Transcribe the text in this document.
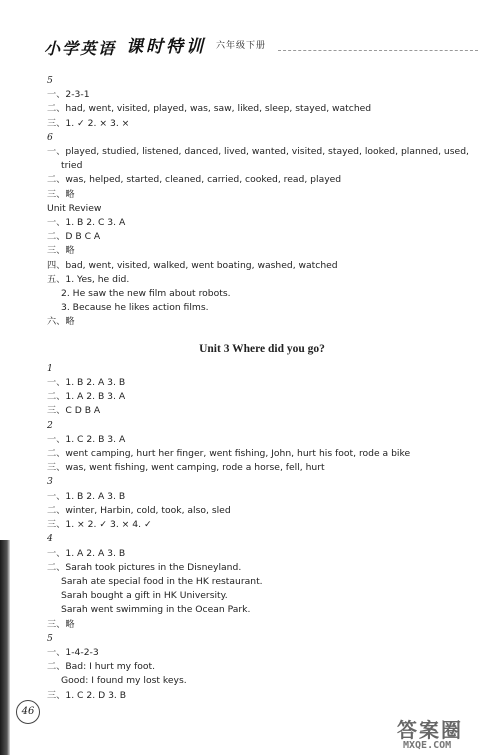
小学英语 课时特训 六年级下册
5
一、2-3-1
二、had, went, visited, played, was, saw, liked, sleep, stayed, watched
三、1. ✓ 2. × 3. ×
6
一、played, studied, listened, danced, lived, wanted, visited, stayed, looked, planned, used,
tried
二、was, helped, started, cleaned, carried, cooked, read, played
三、略
Unit Review
一、1. B 2. C 3. A
二、D B C A
三、略
四、bad, went, visited, walked, went boating, washed, watched
五、1. Yes, he did.
2. He saw the new film about robots.
3. Because he likes action films.
六、略
Unit 3 Where did you go?
1
一、1. B 2. A 3. B
二、1. A 2. B 3. A
三、C D B A
2
一、1. C 2. B 3. A
二、went camping, hurt her finger, went fishing, John, hurt his foot, rode a bike
三、was, went fishing, went camping, rode a horse, fell, hurt
3
一、1. B 2. A 3. B
二、winter, Harbin, cold, took, also, sled
三、1. × 2. ✓ 3. × 4. ✓
4
一、1. A 2. A 3. B
二、Sarah took pictures in the Disneyland.
Sarah ate special food in the HK restaurant.
Sarah bought a gift in HK University.
Sarah went swimming in the Ocean Park.
三、略
5
一、1-4-2-3
二、Bad: I hurt my foot.
Good: I found my lost keys.
三、1. C 2. D 3. B
46
答案圈
MXQE.COM
